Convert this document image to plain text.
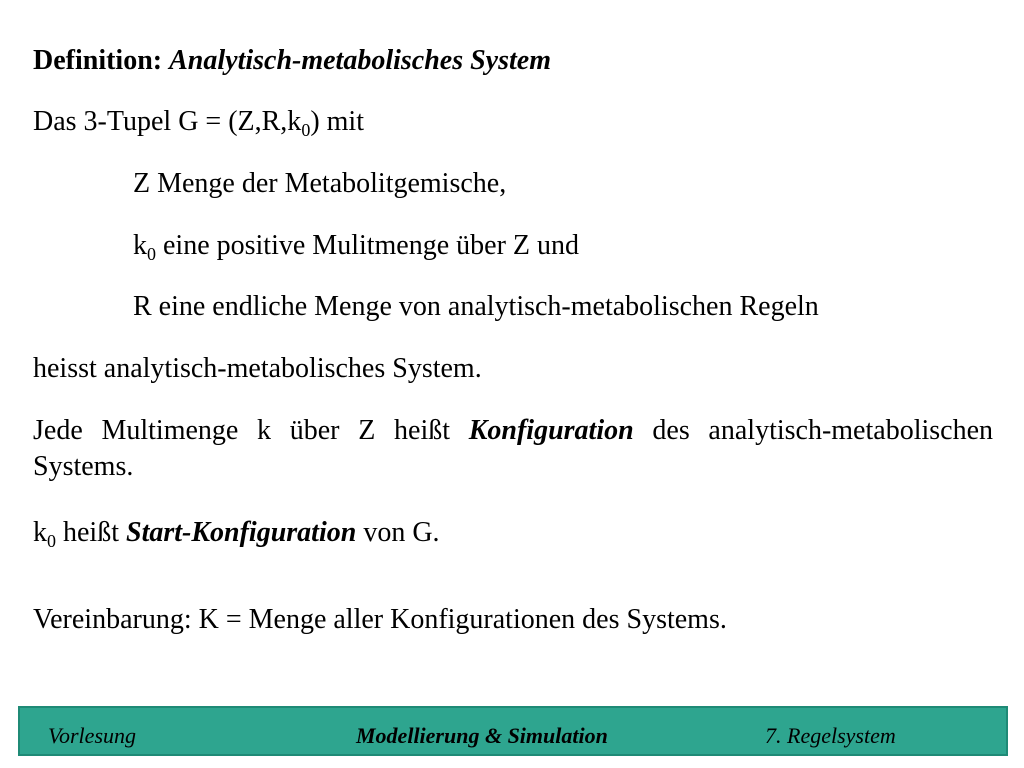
Definition: Analytisch-metabolisches System
Das 3-Tupel $G = (Z,R,k_0)$ mit
Z Menge der Metabolitgemische,
$k_0$ eine positive Mulitmenge über Z und
R eine endliche Menge von analytisch-metabolischen Regeln
heisst analytisch-metabolisches System.
Jede Multimenge k über Z heißt Konfiguration des analytisch-metabolischen Systems.
$k_0$ heißt Start-Konfiguration von G.
Vereinbarung: K = Menge aller Konfigurationen des Systems.
Vorlesung	Modellierung & Simulation	7. Regelsystem
